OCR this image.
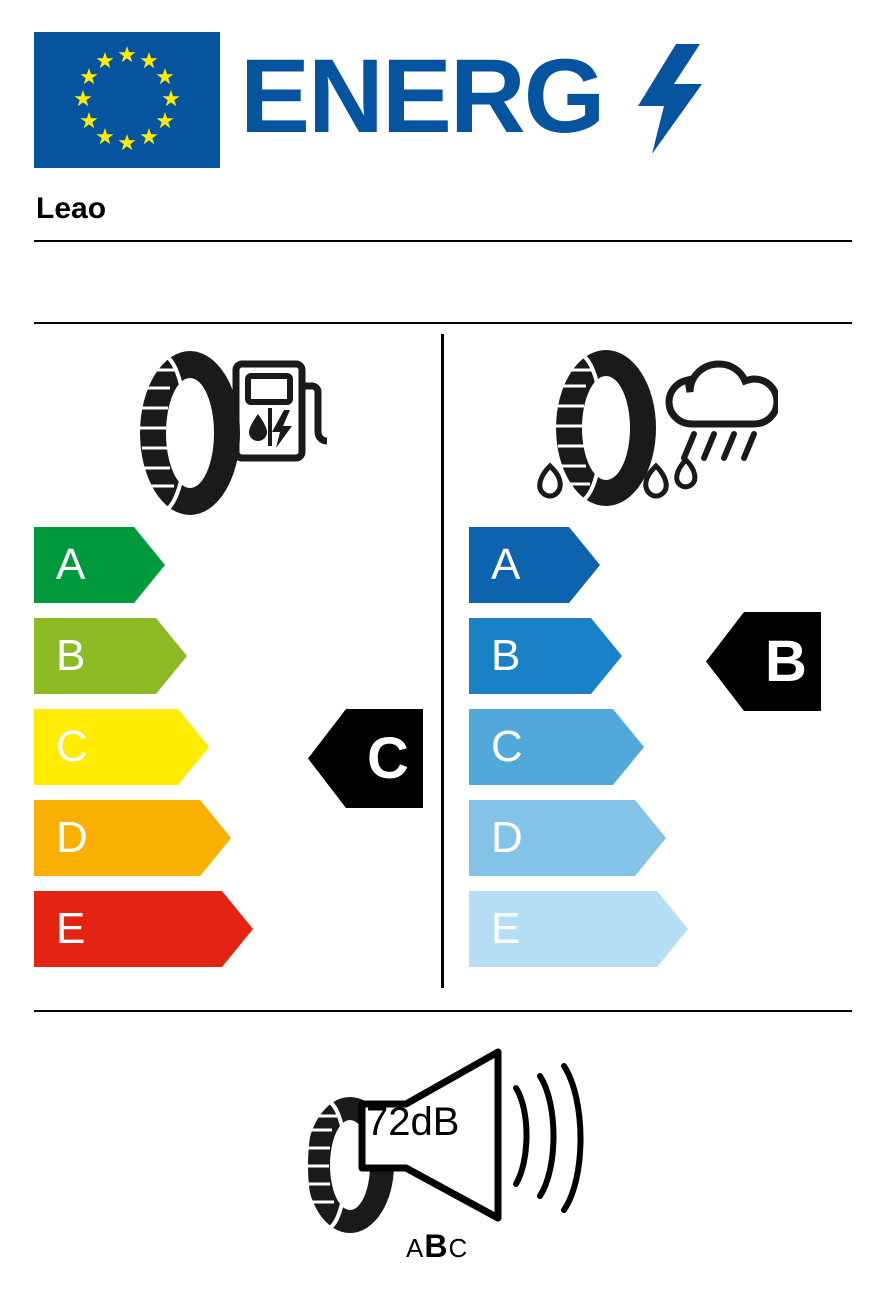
ENERG
Leao
A
B
C
D
E
C
A
B
C
D
E
B
72dB
ABC
